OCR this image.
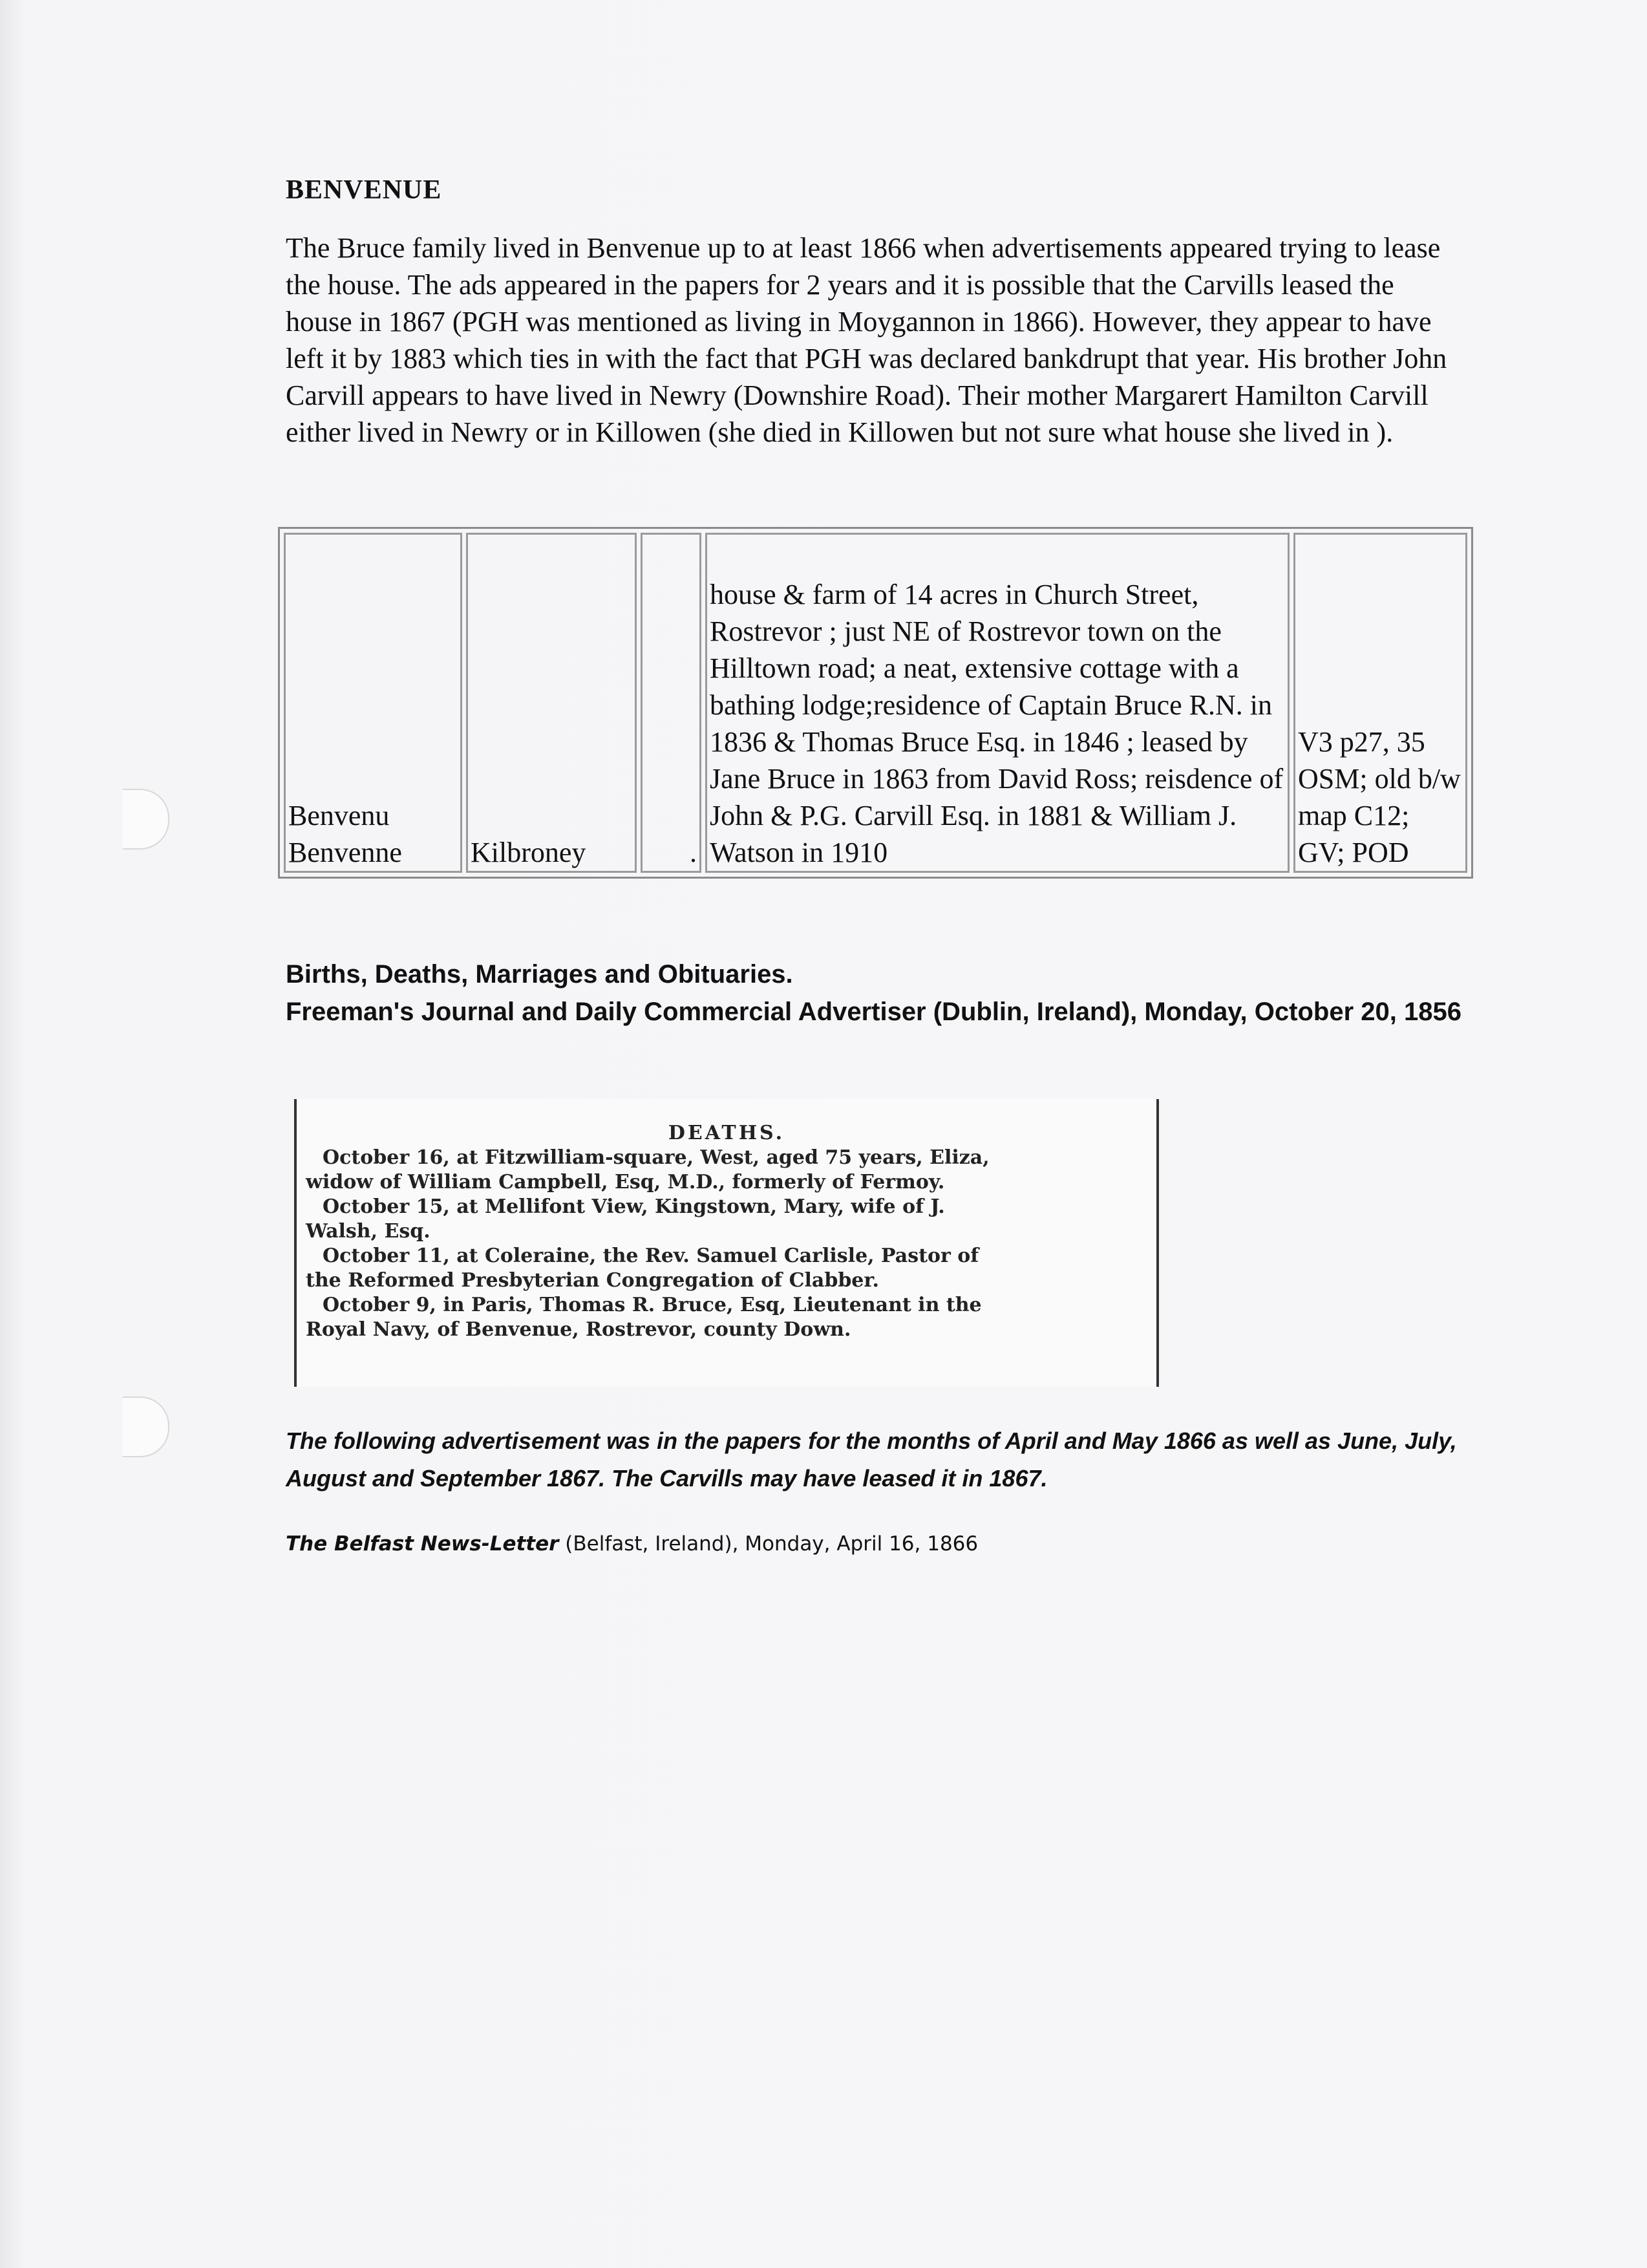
BENVENUE
The Bruce family lived in Benvenue up to at least 1866 when advertisements appeared trying to lease the house. The ads appeared in the papers for 2 years and it is possible that the Carvills leased the house in 1867 (PGH was mentioned as living in Moygannon in 1866). However, they appear to have left it by 1883 which ties in with the fact that PGH was declared bankdrupt that year. His brother John Carvill appears to have lived in Newry (Downshire Road). Their mother Margarert Hamilton Carvill either lived in Newry or in Killowen (she died in Killowen but not sure what house she lived in ).
Benvenu
Benvenne	Kilbroney	.	house & farm of 14 acres in Church Street, Rostrevor ; just NE of Rostrevor town on the Hilltown road; a neat, extensive cottage with a bathing lodge;residence of Captain Bruce R.N. in 1836 & Thomas Bruce Esq. in 1846 ; leased by Jane Bruce in 1863 from David Ross; reisdence of John & P.G. Carvill Esq. in 1881 & William J. Watson in 1910	V3 p27, 35 OSM; old b/w map C12; GV; POD
Births, Deaths, Marriages and Obituaries.
Freeman's Journal and Daily Commercial Advertiser (Dublin, Ireland), Monday, October 20, 1856
DEATHS.
October 16, at Fitzwilliam-square, West, aged 75 years, Eliza,
widow of William Campbell, Esq, M.D., formerly of Fermoy.
October 15, at Mellifont View, Kingstown, Mary, wife of J.
Walsh, Esq.
October 11, at Coleraine, the Rev. Samuel Carlisle, Pastor of
the Reformed Presbyterian Congregation of Clabber.
October 9, in Paris, Thomas R. Bruce, Esq, Lieutenant in the
Royal Navy, of Benvenue, Rostrevor, county Down.
The following advertisement was in the papers for the months of April and May 1866 as well as June, July, August and September 1867. The Carvills may have leased it in 1867.
The Belfast News-Letter (Belfast, Ireland), Monday, April 16, 1866
